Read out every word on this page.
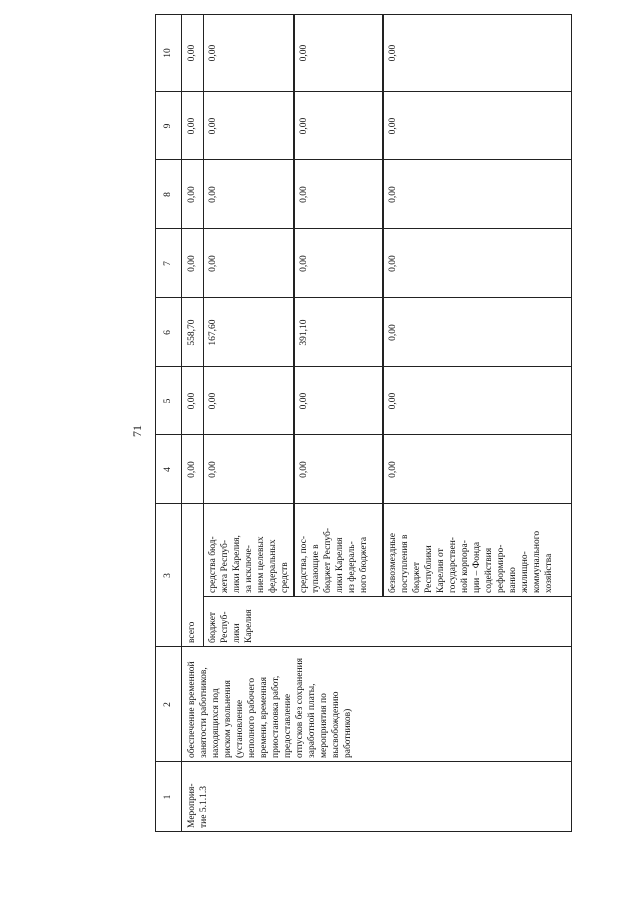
71
1
2
3
4
5
6
7
8
9
10
Мероприя-
тие 5.1.1.3
обеспечение временной
занятости работников,
находящихся под
риском увольнения
(установление
неполного рабочего
времени, временная
приостановка работ,
предоставление
отпусков без сохранения
заработной платы,
мероприятия по
высвобождению
работников)
всего бюджет
Респуб-
лики
Карелия
средства бюд-
жета Респуб-
лики Карелия,
за исключе-
нием целевых
федеральных
средств средства, пос-
тупающие в
бюджет Респуб-
лики Карелия
из федераль-
ного бюджета безвозмездные
поступления в
бюджет
Республики
Карелия от
государствен-
ной корпора-
ции – Фонда
содействия
реформиро-
ванию
жилищно-
коммунального
хозяйства
0,00
0,00
558,70
0,00
0,00
0,00
0,00
0,00
0,00
167,60
0,00
0,00
0,00
0,00
0,00
0,00
391,10
0,00
0,00
0,00
0,00
0,00
0,00
0,00
0,00
0,00
0,00
0,00
